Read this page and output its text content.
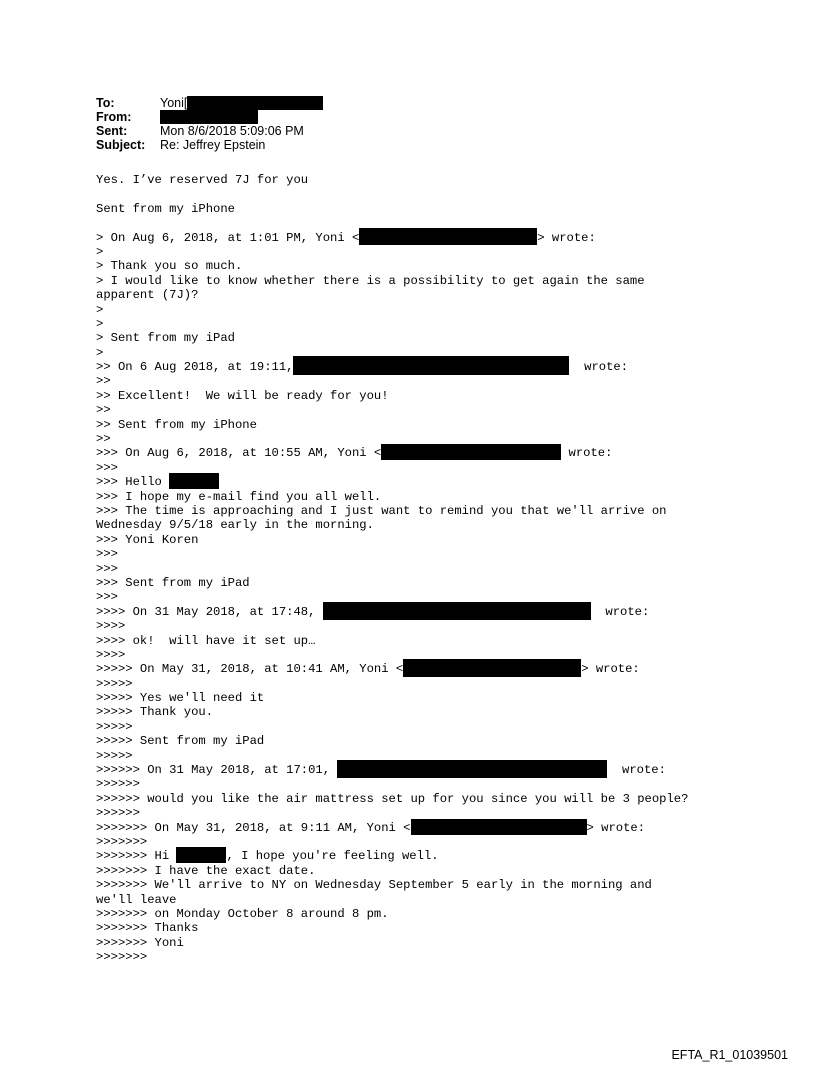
To:	Yoni[
From:
Sent:	Mon 8/6/2018 5:09:06 PM
Subject:	Re: Jeffrey Epstein
Yes. I’ve reserved 7J for you
Sent from my iPhone
> On Aug 6, 2018, at 1:01 PM, Yoni <	> wrote:
>
> Thank you so much.
> I would like to know whether there is a possibility to get again the same
apparent (7J)?
>
>
> Sent from my iPad
>
>> On 6 Aug 2018, at 19:11,	wrote:
>>
>> Excellent!  We will be ready for you!
>>
>> Sent from my iPhone
>>
>>> On Aug 6, 2018, at 10:55 AM, Yoni <	wrote:
>>>
>>> Hello
>>> I hope my e-mail find you all well.
>>> The time is approaching and I just want to remind you that we'll arrive on
Wednesday 9/5/18 early in the morning.
>>> Yoni Koren
>>>
>>>
>>> Sent from my iPad
>>>
>>>> On 31 May 2018, at 17:48,	wrote:
>>>>
>>>> ok!  will have it set up…
>>>>
>>>>> On May 31, 2018, at 10:41 AM, Yoni <	> wrote:
>>>>>
>>>>> Yes we'll need it
>>>>> Thank you.
>>>>>
>>>>> Sent from my iPad
>>>>>
>>>>>> On 31 May 2018, at 17:01,	wrote:
>>>>>>
>>>>>> would you like the air mattress set up for you since you will be 3 people?
>>>>>>
>>>>>>> On May 31, 2018, at 9:11 AM, Yoni <	> wrote:
>>>>>>>
>>>>>>> Hi	, I hope you're feeling well.
>>>>>>> I have the exact date.
>>>>>>> We'll arrive to NY on Wednesday September 5 early in the morning and
we'll leave
>>>>>>> on Monday October 8 around 8 pm.
>>>>>>> Thanks
>>>>>>> Yoni
>>>>>>>
EFTA_R1_01039501
